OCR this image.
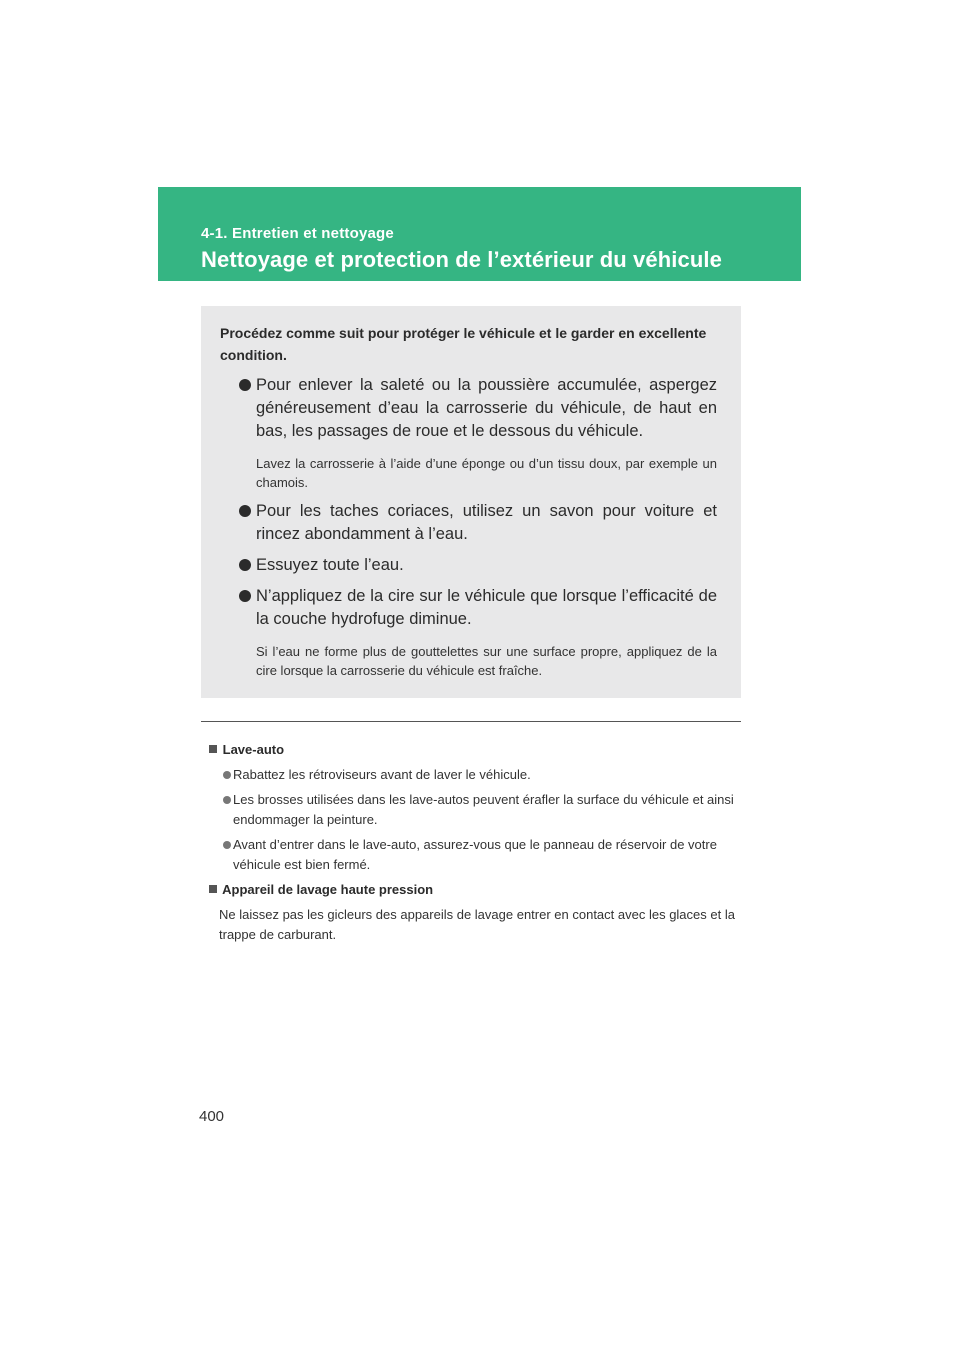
4-1. Entretien et nettoyage
Nettoyage et protection de l’extérieur du véhicule

Procédez comme suit pour protéger le véhicule et le garder en excellente condition.

Pour enlever la saleté ou la poussière accumulée, aspergez généreusement d’eau la carrosserie du véhicule, de haut en bas, les passages de roue et le dessous du véhicule.
Lavez la carrosserie à l’aide d’une éponge ou d’un tissu doux, par exemple un chamois.
Pour les taches coriaces, utilisez un savon pour voiture et rincez abondamment à l’eau.
Essuyez toute l’eau.
N’appliquez de la cire sur le véhicule que lorsque l’efficacité de la couche hydrofuge diminue.
Si l’eau ne forme plus de gouttelettes sur une surface propre, appliquez de la cire lorsque la carrosserie du véhicule est fraîche.
Lave-auto
Rabattez les rétroviseurs avant de laver le véhicule.
Les brosses utilisées dans les lave-autos peuvent érafler la surface du véhicule et ainsi endommager la peinture.
Avant d’entrer dans le lave-auto, assurez-vous que le panneau de réservoir de votre véhicule est bien fermé.
Appareil de lavage haute pression
Ne laissez pas les gicleurs des appareils de lavage entrer en contact avec les glaces et la trappe de carburant.
400
